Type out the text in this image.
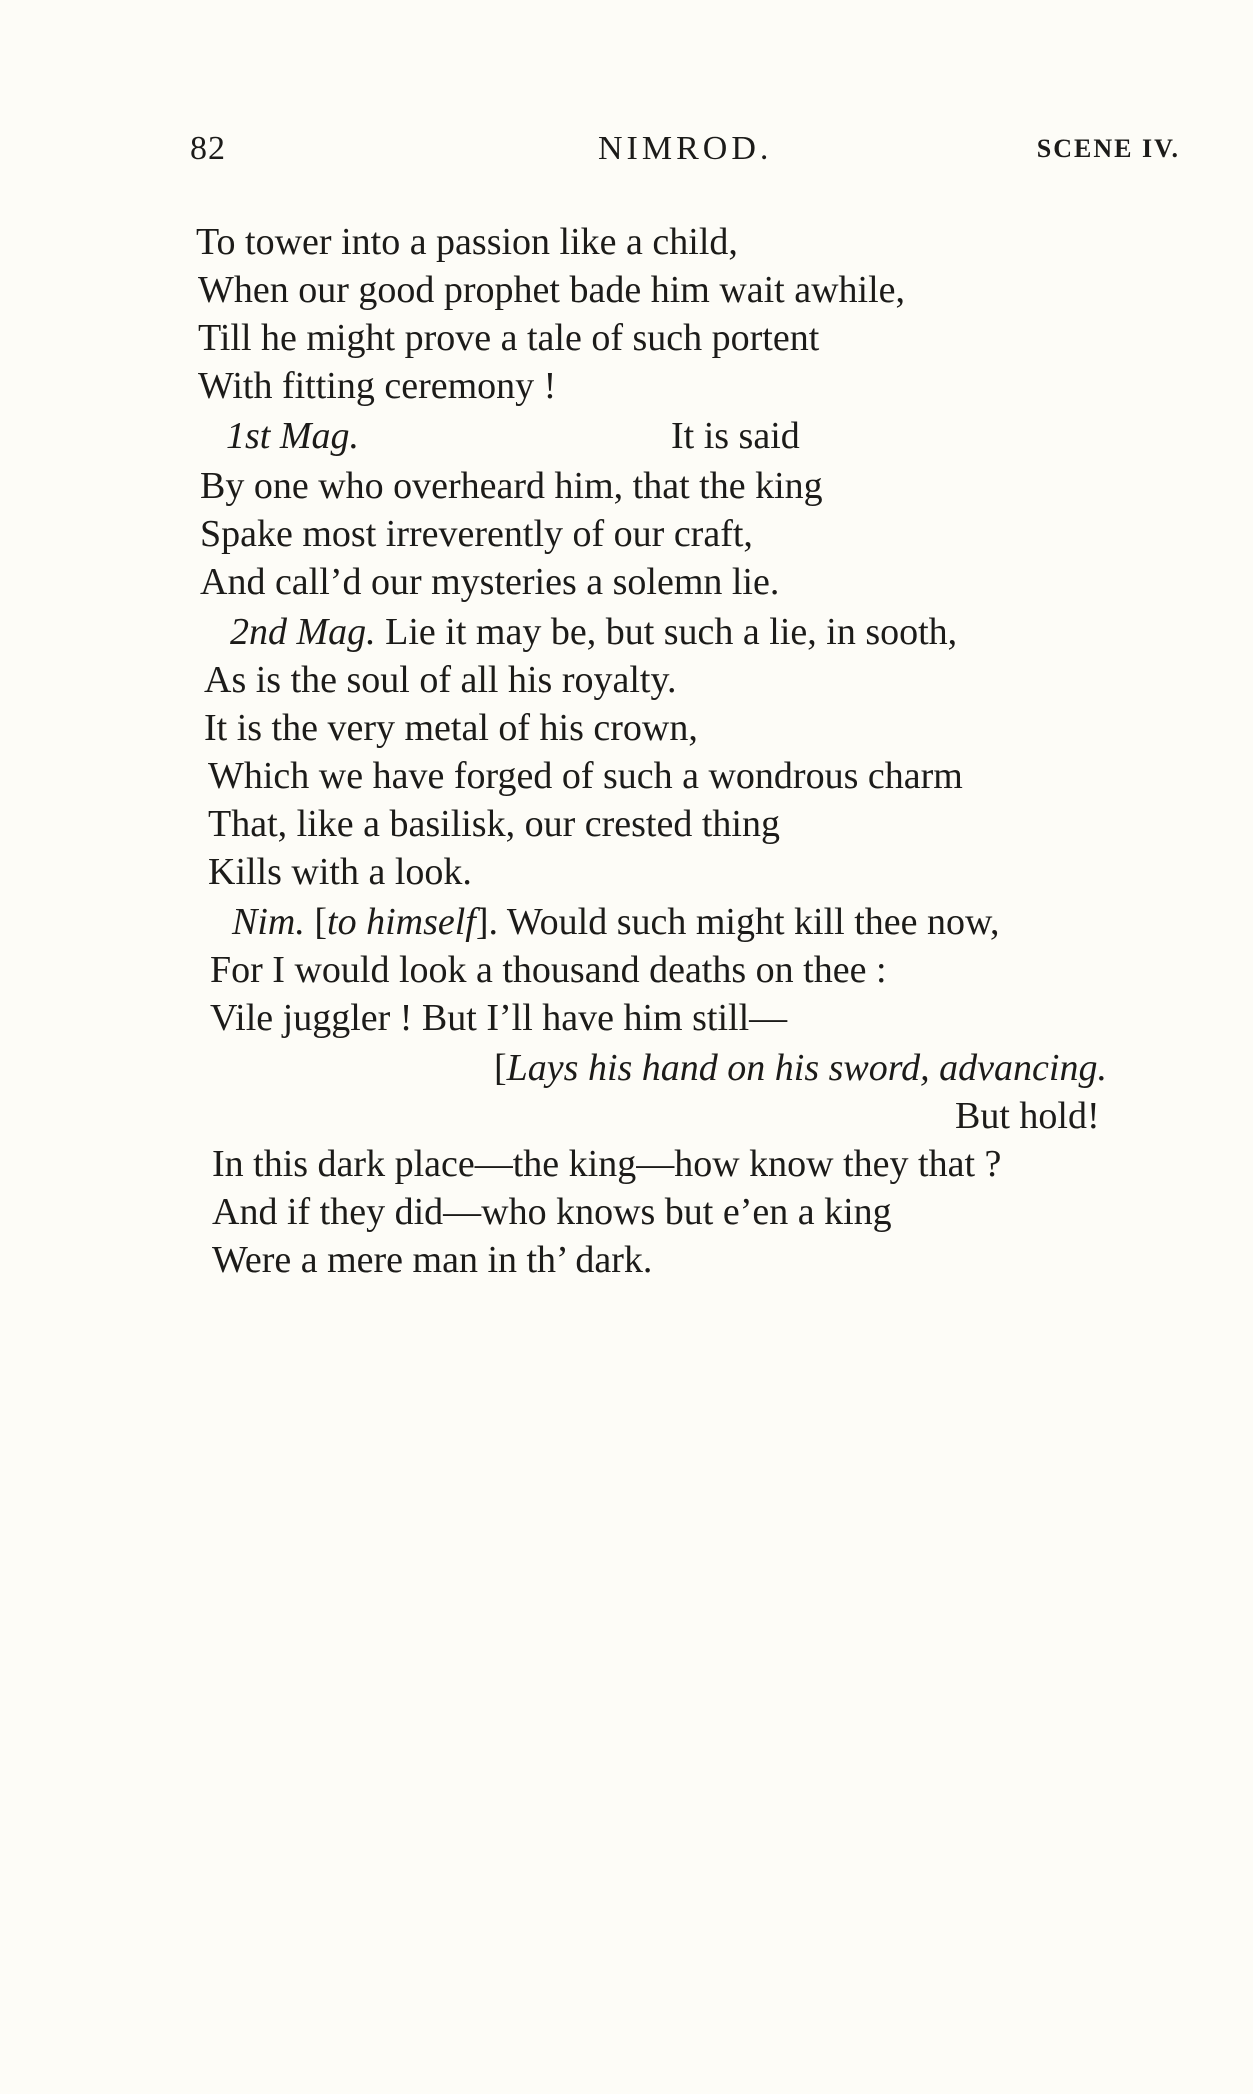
82	NIMROD.	SCENE IV.
To tower into a passion like a child,
When our good prophet bade him wait awhile,
Till he might prove a tale of such portent
With fitting ceremony !
1st Mag.	It is said
By one who overheard him, that the king
Spake most irreverently of our craft,
And call’d our mysteries a solemn lie.
2nd Mag. Lie it may be, but such a lie, in sooth,
As is the soul of all his royalty.
It is the very metal of his crown,
Which we have forged of such a wondrous charm
That, like a basilisk, our crested thing
Kills with a look.
Nim. [to himself]. Would such might kill thee now,
For I would look a thousand deaths on thee :
Vile juggler ! But I’ll have him still—
[Lays his hand on his sword, advancing.
But hold!
In this dark place—the king—how know they that ?
And if they did—who knows but e’en a king
Were a mere man in th’ dark.
